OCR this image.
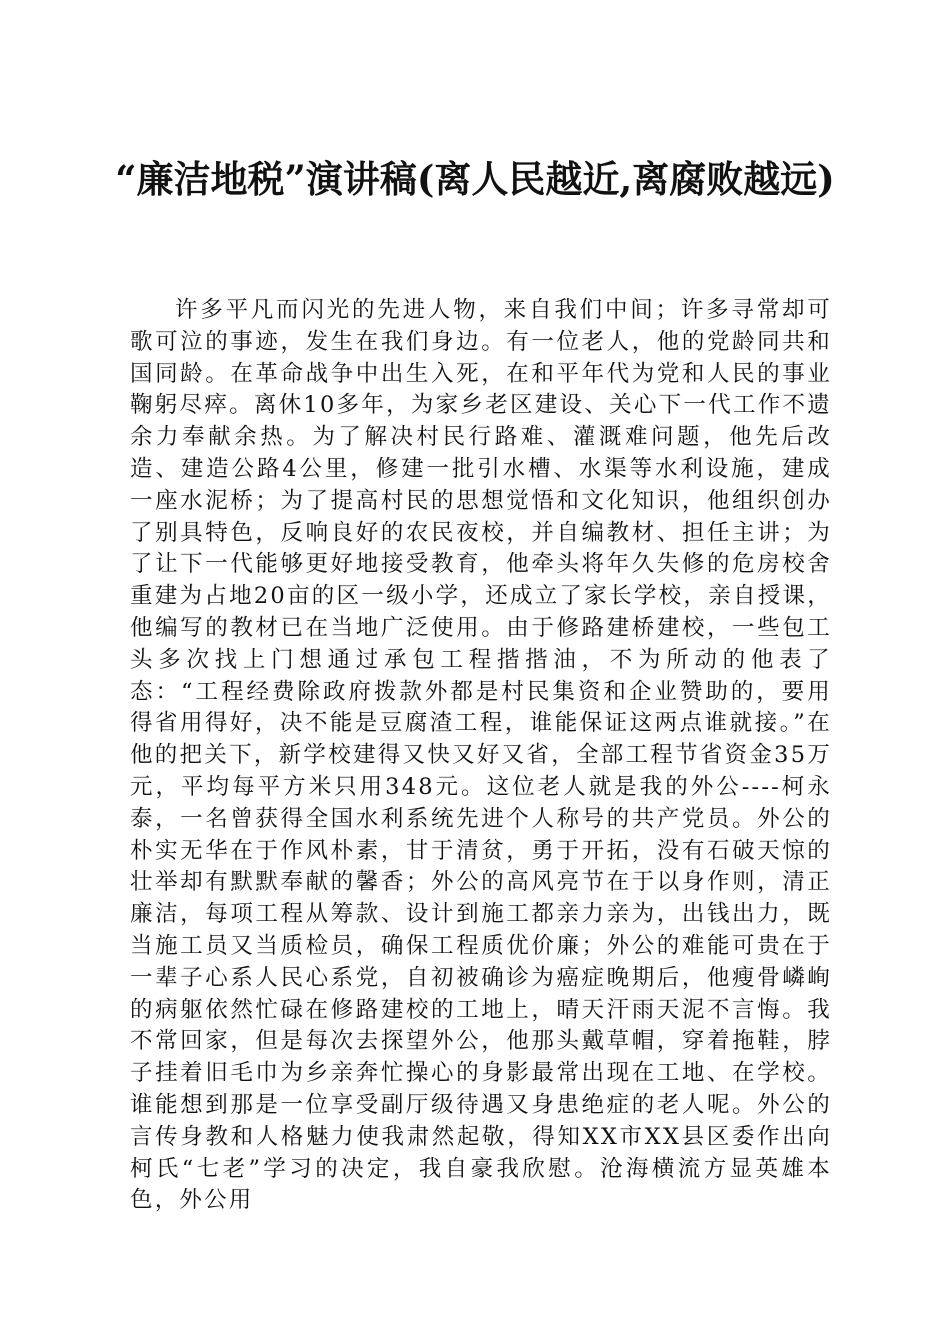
“廉洁地税”演讲稿(离人民越近,离腐败越远)

许多平凡而闪光的先进人物，来自我们中间；许多寻常却可歌可泣的事迹，发生在我们身边。有一位老人，他的党龄同共和国同龄。在革命战争中出生入死，在和平年代为党和人民的事业鞠躬尽瘁。离休10多年，为家乡老区建设、关心下一代工作不遗余力奉献余热。为了解决村民行路难、灌溉难问题，他先后改造、建造公路4公里，修建一批引水槽、水渠等水利设施，建成一座水泥桥；为了提高村民的思想觉悟和文化知识，他组织创办了别具特色，反响良好的农民夜校，并自编教材、担任主讲；为了让下一代能够更好地接受教育，他牵头将年久失修的危房校舍重建为占地20亩的区一级小学，还成立了家长学校，亲自授课，他编写的教材已在当地广泛使用。由于修路建桥建校，一些包工头多次找上门想通过承包工程揩揩油，不为所动的他表了态：“工程经费除政府拨款外都是村民集资和企业赞助的，要用得省用得好，决不能是豆腐渣工程，谁能保证这两点谁就接。”在他的把关下，新学校建得又快又好又省，全部工程节省资金35万元，平均每平方米只用348元。这位老人就是我的外公----柯永泰，一名曾获得全国水利系统先进个人称号的共产党员。外公的朴实无华在于作风朴素，甘于清贫，勇于开拓，没有石破天惊的壮举却有默默奉献的馨香；外公的高风亮节在于以身作则，清正廉洁，每项工程从筹款、设计到施工都亲力亲为，出钱出力，既当施工员又当质检员，确保工程质优价廉；外公的难能可贵在于一辈子心系人民心系党，自初被确诊为癌症晚期后，他瘦骨嶙峋的病躯依然忙碌在修路建校的工地上，晴天汗雨天泥不言悔。我不常回家，但是每次去探望外公，他那头戴草帽，穿着拖鞋，脖子挂着旧毛巾为乡亲奔忙操心的身影最常出现在工地、在学校。谁能想到那是一位享受副厅级待遇又身患绝症的老人呢。外公的言传身教和人格魅力使我肃然起敬，得知XX市XX县区委作出向柯氏“七老”学习的决定，我自豪我欣慰。沧海横流方显英雄本色，外公用
